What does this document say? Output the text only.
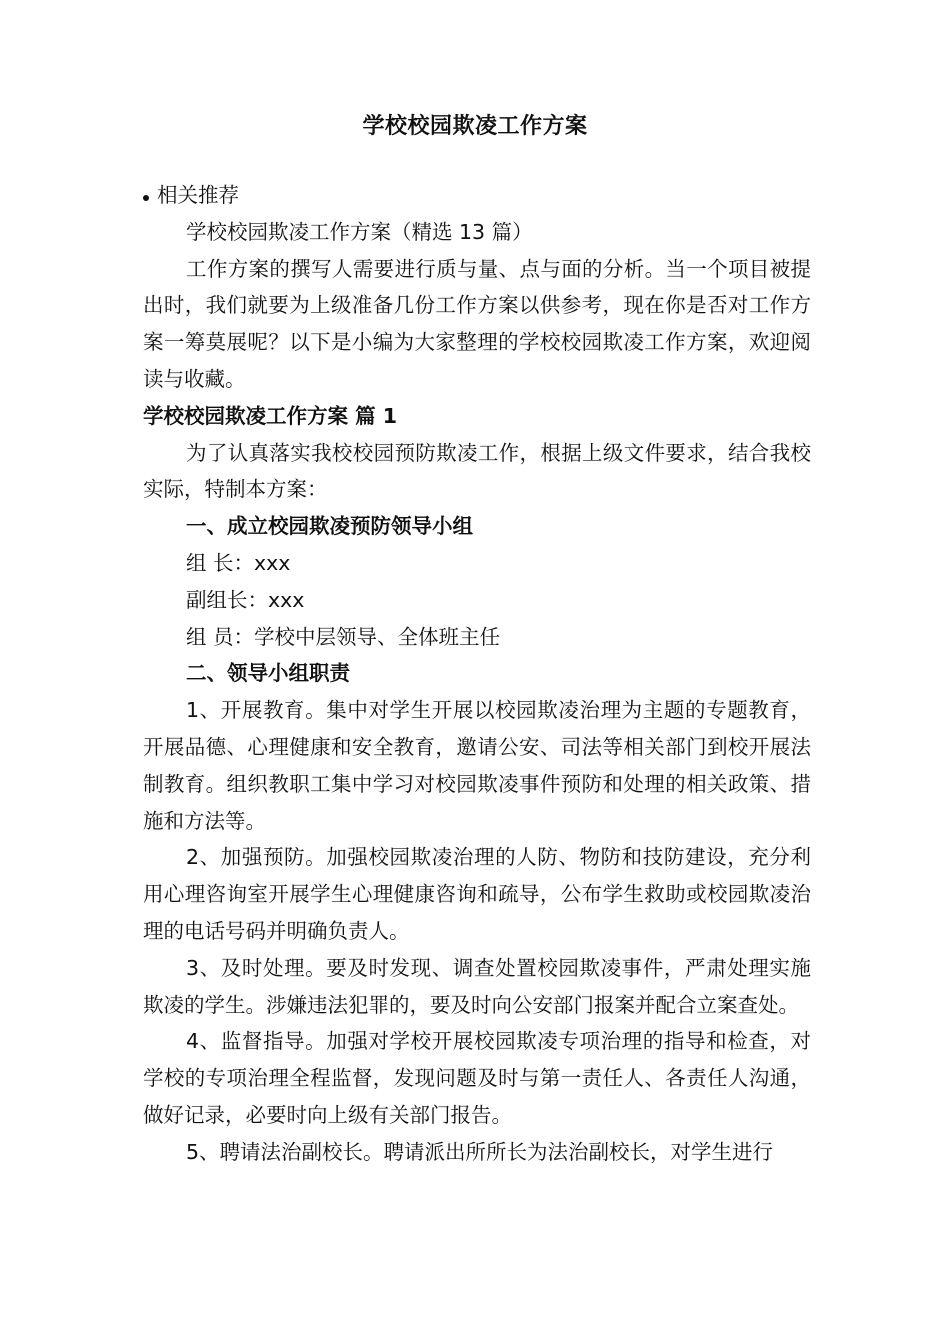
学校校园欺凌工作方案

相关推荐

学校校园欺凌工作方案（精选 13 篇）

工作方案的撰写人需要进行质与量、点与面的分析。当一个项目被提出时，我们就要为上级准备几份工作方案以供参考，现在你是否对工作方案一筹莫展呢？以下是小编为大家整理的学校校园欺凌工作方案，欢迎阅读与收藏。

学校校园欺凌工作方案 篇 1

为了认真落实我校校园预防欺凌工作，根据上级文件要求，结合我校实际，特制本方案：

一、成立校园欺凌预防领导小组

组 长：xxx

副组长：xxx

组 员：学校中层领导、全体班主任

二、领导小组职责

1、开展教育。集中对学生开展以校园欺凌治理为主题的专题教育，开展品德、心理健康和安全教育，邀请公安、司法等相关部门到校开展法制教育。组织教职工集中学习对校园欺凌事件预防和处理的相关政策、措施和方法等。

2、加强预防。加强校园欺凌治理的人防、物防和技防建设，充分利用心理咨询室开展学生心理健康咨询和疏导，公布学生救助或校园欺凌治理的电话号码并明确负责人。

3、及时处理。要及时发现、调查处置校园欺凌事件，严肃处理实施欺凌的学生。涉嫌违法犯罪的，要及时向公安部门报案并配合立案查处。

4、监督指导。加强对学校开展校园欺凌专项治理的指导和检查，对学校的专项治理全程监督，发现问题及时与第一责任人、各责任人沟通，做好记录，必要时向上级有关部门报告。

5、聘请法治副校长。聘请派出所所长为法治副校长，对学生进行
